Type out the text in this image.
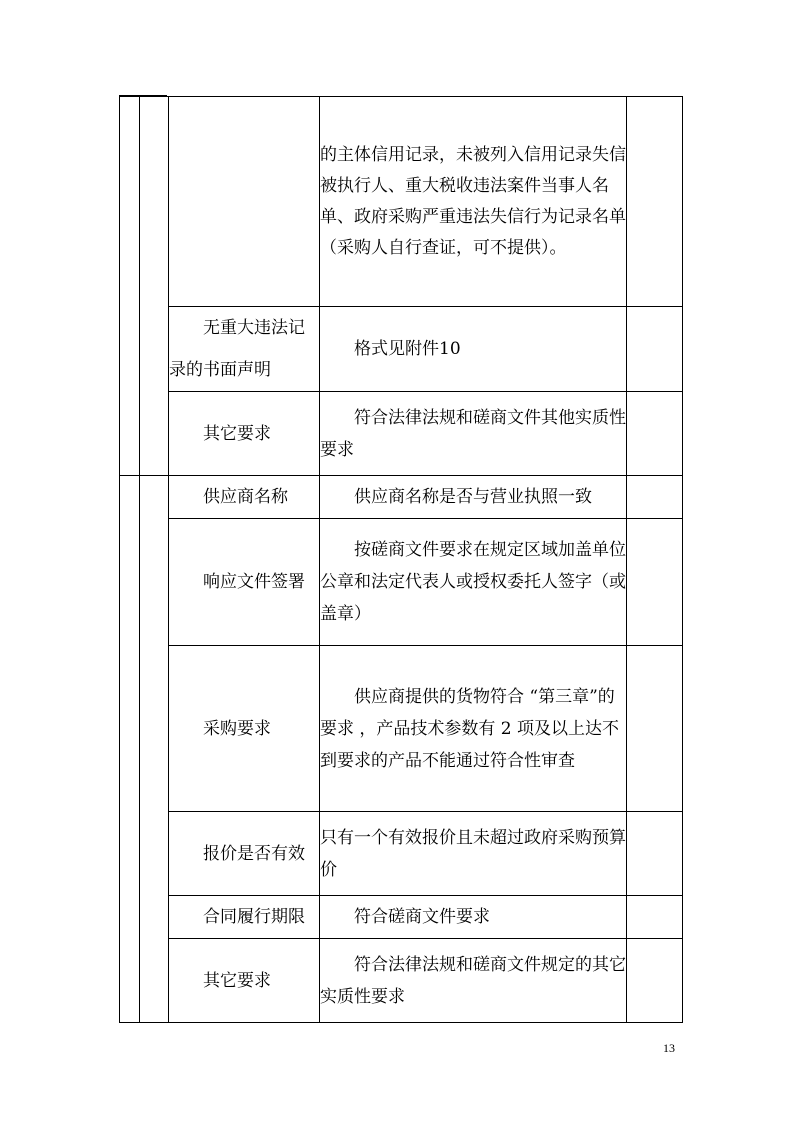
			的主体信用记录，未被列入信用记录失信被执行人、重大税收违法案件当事人名单、政府采购严重违法失信行为记录名单（采购人自行查证，可不提供）。	

		无重大违法记录的书面声明	格式见附件10	

		其它要求	符合法律法规和磋商文件其他实质性要求	

		供应商名称	供应商名称是否与营业执照一致	

		响应文件签署	按磋商文件要求在规定区域加盖单位公章和法定代表人或授权委托人签字（或盖章）	

		采购要求	供应商提供的货物符合 “第三章”的要求 ，产品技术参数有 2 项及以上达不到要求的产品不能通过符合性审查	

		报价是否有效	只有一个有效报价且未超过政府采购预算价	

		合同履行期限	符合磋商文件要求	

		其它要求	符合法律法规和磋商文件规定的其它实质性要求	

13
